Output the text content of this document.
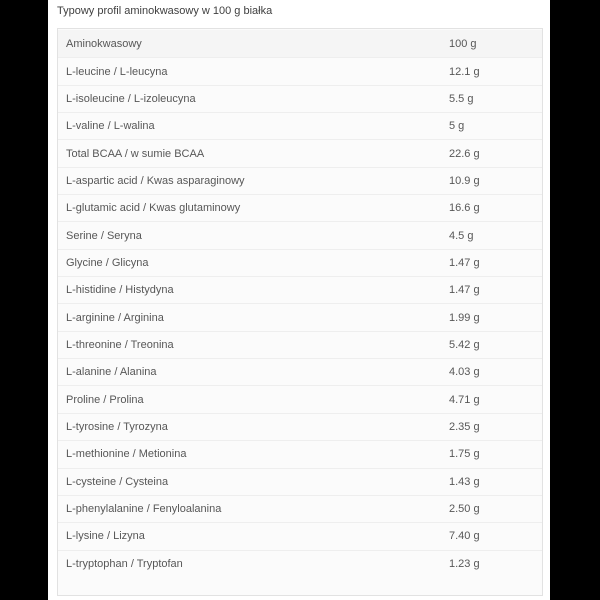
Typowy profil aminokwasowy w 100 g białka
Aminokwasowy	100 g
L-leucine / L-leucyna	12.1 g
L-isoleucine / L-izoleucyna	5.5 g
L-valine / L-walina	5 g
Total BCAA / w sumie BCAA	22.6 g
L-aspartic acid / Kwas asparaginowy	10.9 g
L-glutamic acid / Kwas glutaminowy	16.6 g
Serine / Seryna	4.5 g
Glycine / Glicyna	1.47 g
L-histidine / Histydyna	1.47 g
L-arginine / Arginina	1.99 g
L-threonine / Treonina	5.42 g
L-alanine / Alanina	4.03 g
Proline / Prolina	4.71 g
L-tyrosine / Tyrozyna	2.35 g
L-methionine / Metionina	1.75 g
L-cysteine / Cysteina	1.43 g
L-phenylalanine / Fenyloalanina	2.50 g
L-lysine / Lizyna	7.40 g
L-tryptophan / Tryptofan	1.23 g
